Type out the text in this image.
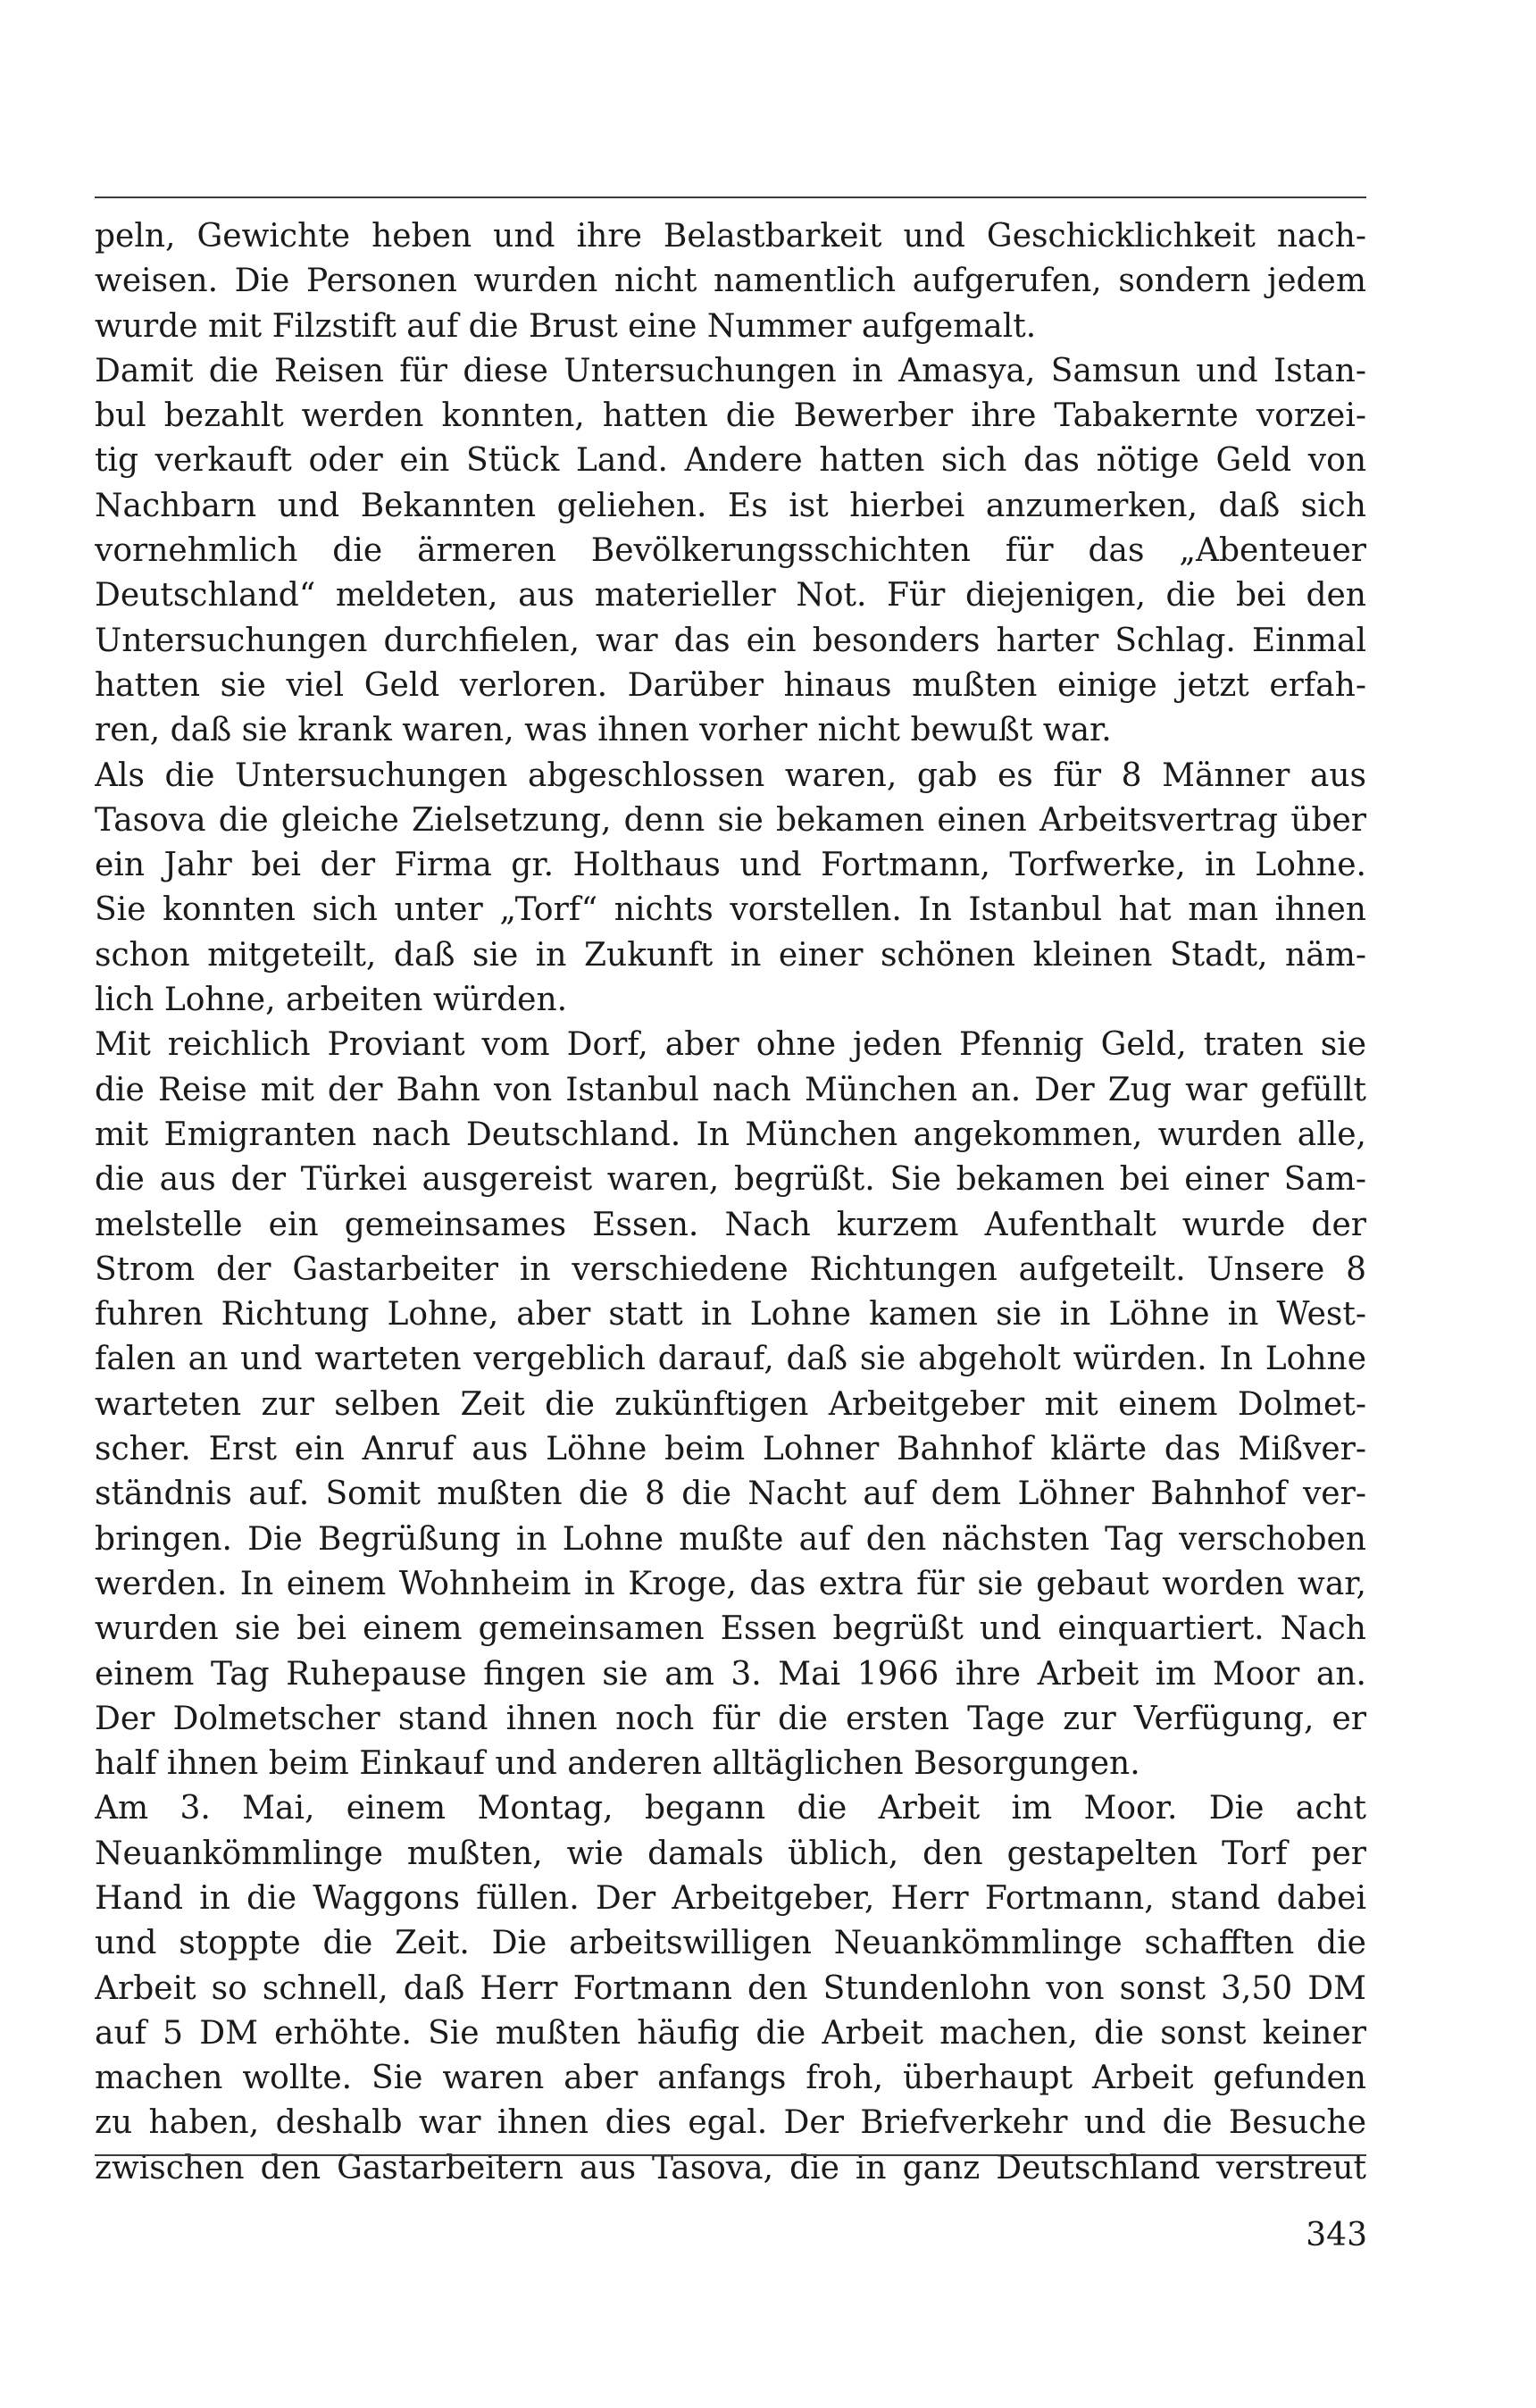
peln, Gewichte heben und ihre Belastbarkeit und Geschicklichkeit nach-
weisen. Die Personen wurden nicht namentlich aufgerufen, sondern jedem
wurde mit Filzstift auf die Brust eine Nummer aufgemalt.
Damit die Reisen für diese Untersuchungen in Amasya, Samsun und Istan-
bul bezahlt werden konnten, hatten die Bewerber ihre Tabakernte vorzei-
tig verkauft oder ein Stück Land. Andere hatten sich das nötige Geld von
Nachbarn und Bekannten geliehen. Es ist hierbei anzumerken, daß sich
vornehmlich die ärmeren Bevölkerungsschichten für das „Abenteuer
Deutschland“ meldeten, aus materieller Not. Für diejenigen, die bei den
Untersuchungen durchfielen, war das ein besonders harter Schlag. Einmal
hatten sie viel Geld verloren. Darüber hinaus mußten einige jetzt erfah-
ren, daß sie krank waren, was ihnen vorher nicht bewußt war.
Als die Untersuchungen abgeschlossen waren, gab es für 8 Männer aus
Tasova die gleiche Zielsetzung, denn sie bekamen einen Arbeitsvertrag über
ein Jahr bei der Firma gr. Holthaus und Fortmann, Torfwerke, in Lohne.
Sie konnten sich unter „Torf“ nichts vorstellen. In Istanbul hat man ihnen
schon mitgeteilt, daß sie in Zukunft in einer schönen kleinen Stadt, näm-
lich Lohne, arbeiten würden.
Mit reichlich Proviant vom Dorf, aber ohne jeden Pfennig Geld, traten sie
die Reise mit der Bahn von Istanbul nach München an. Der Zug war gefüllt
mit Emigranten nach Deutschland. In München angekommen, wurden alle,
die aus der Türkei ausgereist waren, begrüßt. Sie bekamen bei einer Sam-
melstelle ein gemeinsames Essen. Nach kurzem Aufenthalt wurde der
Strom der Gastarbeiter in verschiedene Richtungen aufgeteilt. Unsere 8
fuhren Richtung Lohne, aber statt in Lohne kamen sie in Löhne in West-
falen an und warteten vergeblich darauf, daß sie abgeholt würden. In Lohne
warteten zur selben Zeit die zukünftigen Arbeitgeber mit einem Dolmet-
scher. Erst ein Anruf aus Löhne beim Lohner Bahnhof klärte das Mißver-
ständnis auf. Somit mußten die 8 die Nacht auf dem Löhner Bahnhof ver-
bringen. Die Begrüßung in Lohne mußte auf den nächsten Tag verschoben
werden. In einem Wohnheim in Kroge, das extra für sie gebaut worden war,
wurden sie bei einem gemeinsamen Essen begrüßt und einquartiert. Nach
einem Tag Ruhepause fingen sie am 3. Mai 1966 ihre Arbeit im Moor an.
Der Dolmetscher stand ihnen noch für die ersten Tage zur Verfügung, er
half ihnen beim Einkauf und anderen alltäglichen Besorgungen.
Am 3. Mai, einem Montag, begann die Arbeit im Moor. Die acht
Neuankömmlinge mußten, wie damals üblich, den gestapelten Torf per
Hand in die Waggons füllen. Der Arbeitgeber, Herr Fortmann, stand dabei
und stoppte die Zeit. Die arbeitswilligen Neuankömmlinge schafften die
Arbeit so schnell, daß Herr Fortmann den Stundenlohn von sonst 3,50 DM
auf 5 DM erhöhte. Sie mußten häufig die Arbeit machen, die sonst keiner
machen wollte. Sie waren aber anfangs froh, überhaupt Arbeit gefunden
zu haben, deshalb war ihnen dies egal. Der Briefverkehr und die Besuche
zwischen den Gastarbeitern aus Tasova, die in ganz Deutschland verstreut
343
